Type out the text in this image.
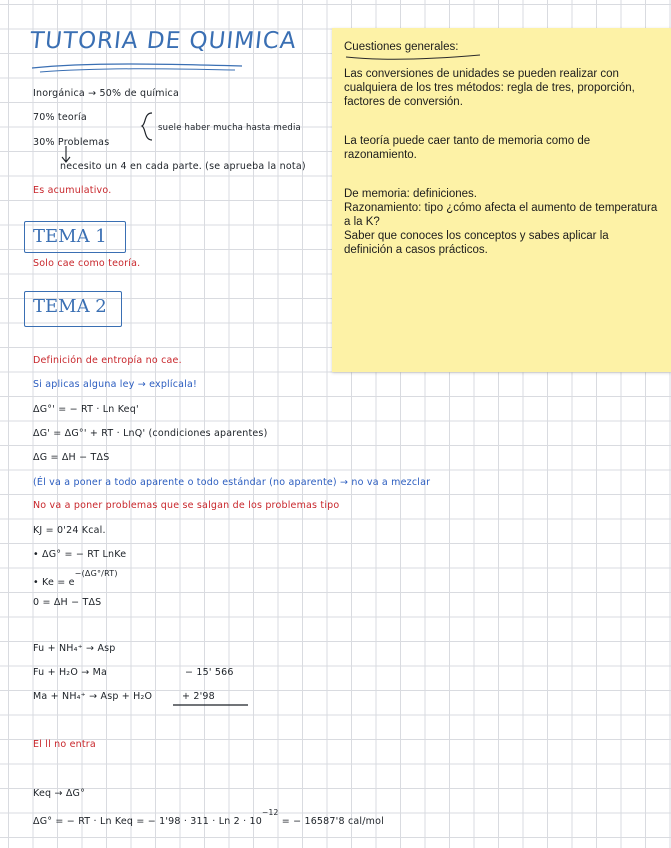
TUTORIA DE QUIMICA
Inorgánica → 50% de química
70% teoría
30% Problemas
suele haber mucha hasta media
necesito un 4 en cada parte. (se aprueba la nota)
Es acumulativo.
TEMA 1
Solo cae como teoría.
TEMA 2
Definición de entropía no cae.
Si aplicas alguna ley → explícala!
ΔG°' = − RT · Ln Keq'
ΔG' = ΔG°' + RT · LnQ' (condiciones aparentes)
ΔG = ΔH − TΔS
(Él va a poner a todo aparente o todo estándar (no aparente) → no va a mezclar
No va a poner problemas que se salgan de los problemas tipo
KJ = 0'24 Kcal.
• ΔG° = − RT LnKe
• $Ke = e^{-(\Delta G^\circ/RT)}$
0 = ΔH − TΔS
Fu + NH₄⁺ → Asp
Fu + H₂O → Ma	− 15' 566
Ma + NH₄⁺ → Asp + H₂O	+ 2'98
El ll no entra
Keq → ΔG°
ΔG° = − RT · Ln Keq = − 1'98 · 311 · Ln $2 \cdot 10^{-12}$ = − 16587'8 cal/mol

Cuestiones generales:

Las conversiones de unidades se pueden realizar con
cualquiera de los tres métodos: regla de tres, proporción,
factores de conversión.

La teoría puede caer tanto de memoria como de
razonamiento.

De memoria: definiciones.
Razonamiento: tipo ¿cómo afecta el aumento de temperatura
a la K?
Saber que conoces los conceptos y sabes aplicar la
definición a casos prácticos.
